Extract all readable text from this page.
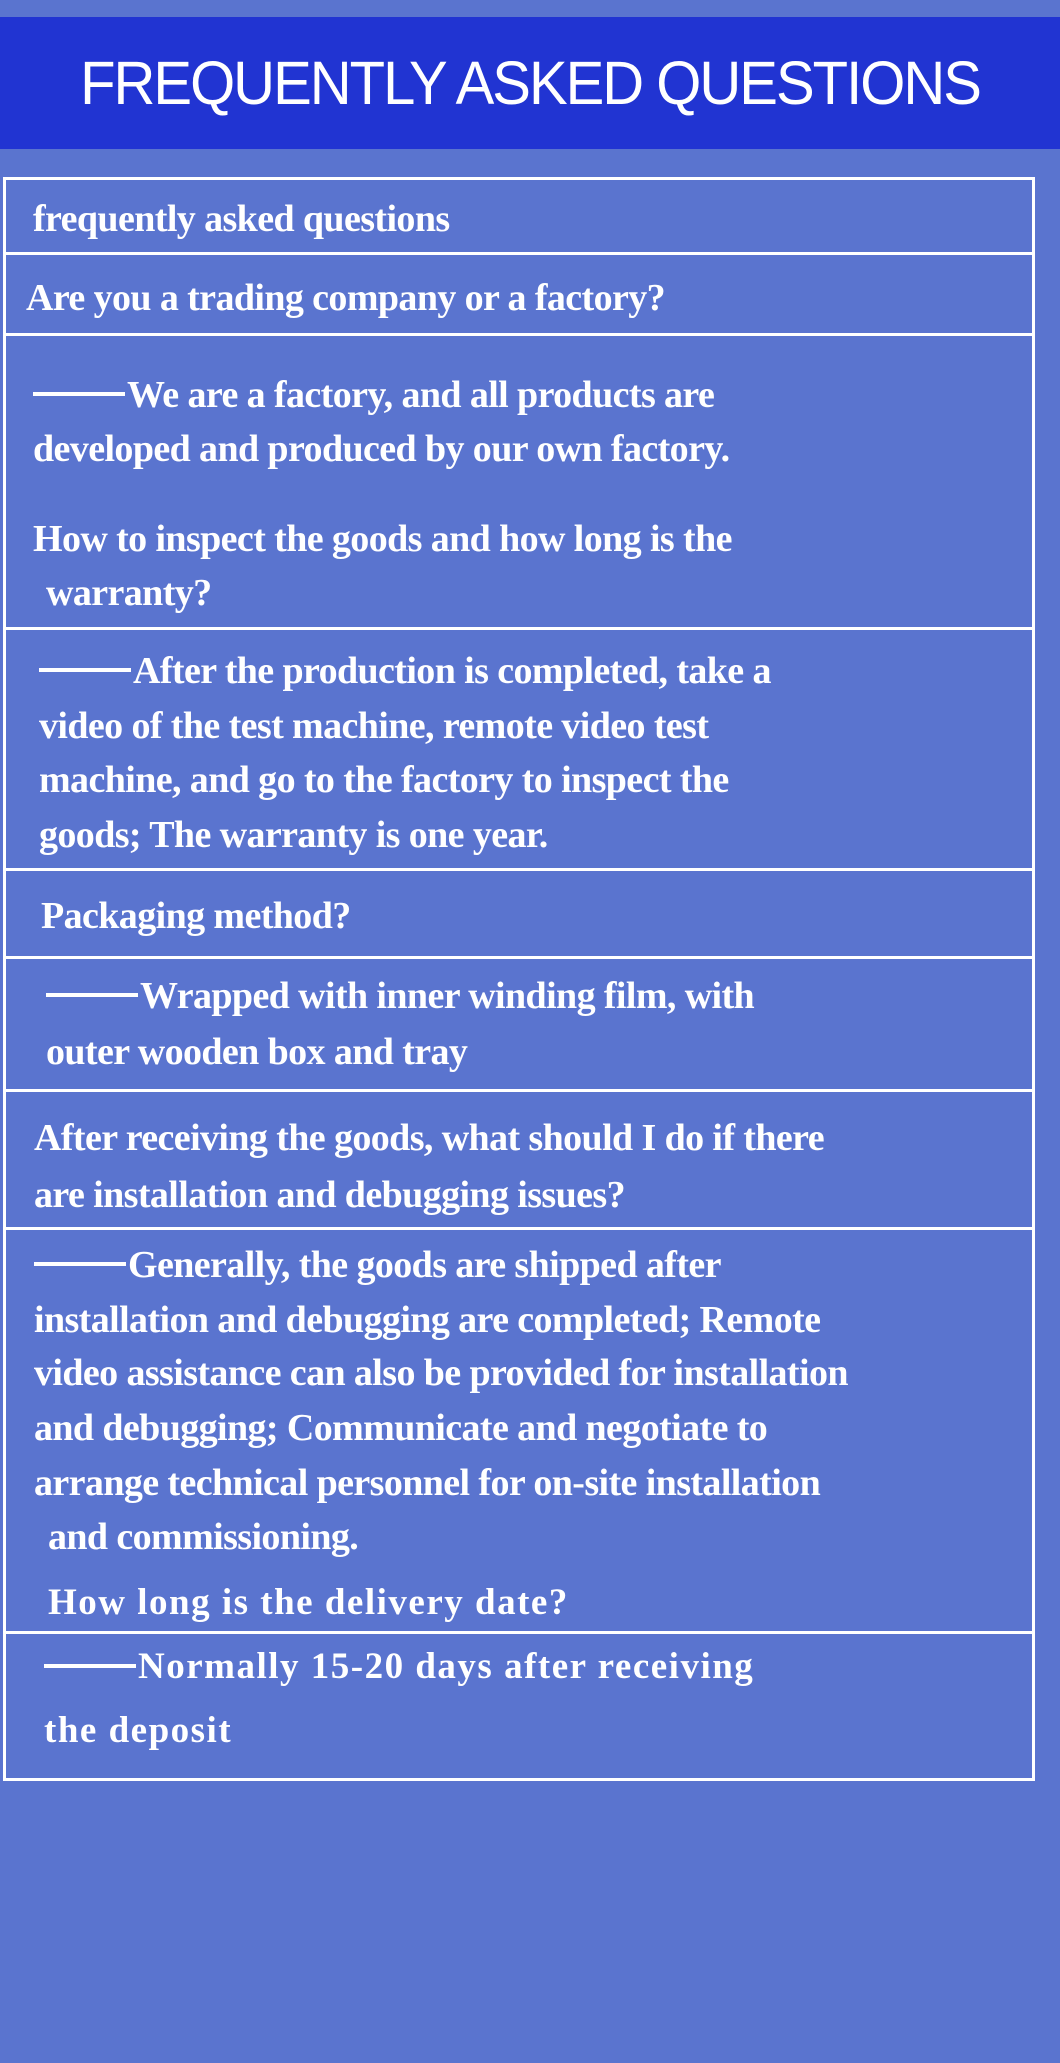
FREQUENTLY ASKED QUESTIONS
frequently asked questions
Are you a trading company or a factory?
We are a factory, and all products are
developed and produced by our own factory.
How to inspect the goods and how long is the
warranty?
After the production is completed, take a
video of the test machine, remote video test
machine, and go to the factory to inspect the
goods; The warranty is one year.
Packaging method?
Wrapped with inner winding film, with
outer wooden box and tray
After receiving the goods, what should I do if there
are installation and debugging issues?
Generally, the goods are shipped after
installation and debugging are completed; Remote
video assistance can also be provided for installation
and debugging; Communicate and negotiate to
arrange technical personnel for on-site installation
and commissioning.
How long is the delivery date?
Normally 15-20 days after receiving
the deposit
